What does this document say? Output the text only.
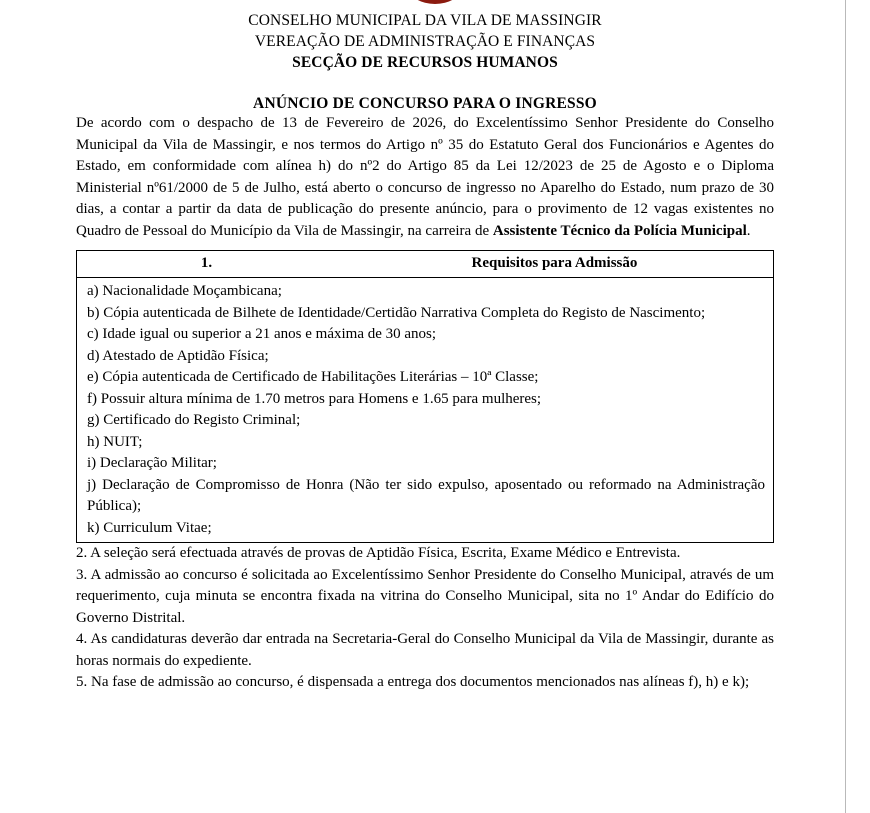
CONSELHO MUNICIPAL DA VILA DE MASSINGIR
VEREAÇÃO DE ADMINISTRAÇÃO E FINANÇAS
SECÇÃO DE RECURSOS HUMANOS
ANÚNCIO DE CONCURSO PARA O INGRESSO

De acordo com o despacho de 13 de Fevereiro de 2026, do Excelentíssimo Senhor Presidente do Conselho Municipal da Vila de Massingir, e nos termos do Artigo nº 35 do Estatuto Geral dos Funcionários e Agentes do Estado, em conformidade com alínea h) do nº2 do Artigo 85 da Lei 12/2023 de 25 de Agosto e o Diploma Ministerial nº61/2000 de 5 de Julho, está aberto o concurso de ingresso no Aparelho do Estado, num prazo de 30 dias, a contar a partir da data de publicação do presente anúncio, para o provimento de 12 vagas existentes no Quadro de Pessoal do Município da Vila de Massingir, na carreira de Assistente Técnico da Polícia Municipal.

1.	Requisitos para Admissão
a) Nacionalidade Moçambicana;
b) Cópia autenticada de Bilhete de Identidade/Certidão Narrativa Completa do Registo de Nascimento;
c) Idade igual ou superior a 21 anos e máxima de 30 anos;
d) Atestado de Aptidão Física;
e) Cópia autenticada de Certificado de Habilitações Literárias – 10ª Classe;
f) Possuir altura mínima de 1.70 metros para Homens e 1.65 para mulheres;
g) Certificado do Registo Criminal;
h) NUIT;
i) Declaração Militar;
j) Declaração de Compromisso de Honra (Não ter sido expulso, aposentado ou reformado na Administração Pública);
k) Curriculum Vitae;

2. A seleção será efectuada através de provas de Aptidão Física, Escrita, Exame Médico e Entrevista.

3. A admissão ao concurso é solicitada ao Excelentíssimo Senhor Presidente do Conselho Municipal, através de um requerimento, cuja minuta se encontra fixada na vitrina do Conselho Municipal, sita no 1º Andar do Edifício do Governo Distrital.

4. As candidaturas deverão dar entrada na Secretaria-Geral do Conselho Municipal da Vila de Massingir, durante as horas normais do expediente.

5. Na fase de admissão ao concurso, é dispensada a entrega dos documentos mencionados nas alíneas f), h) e k);
